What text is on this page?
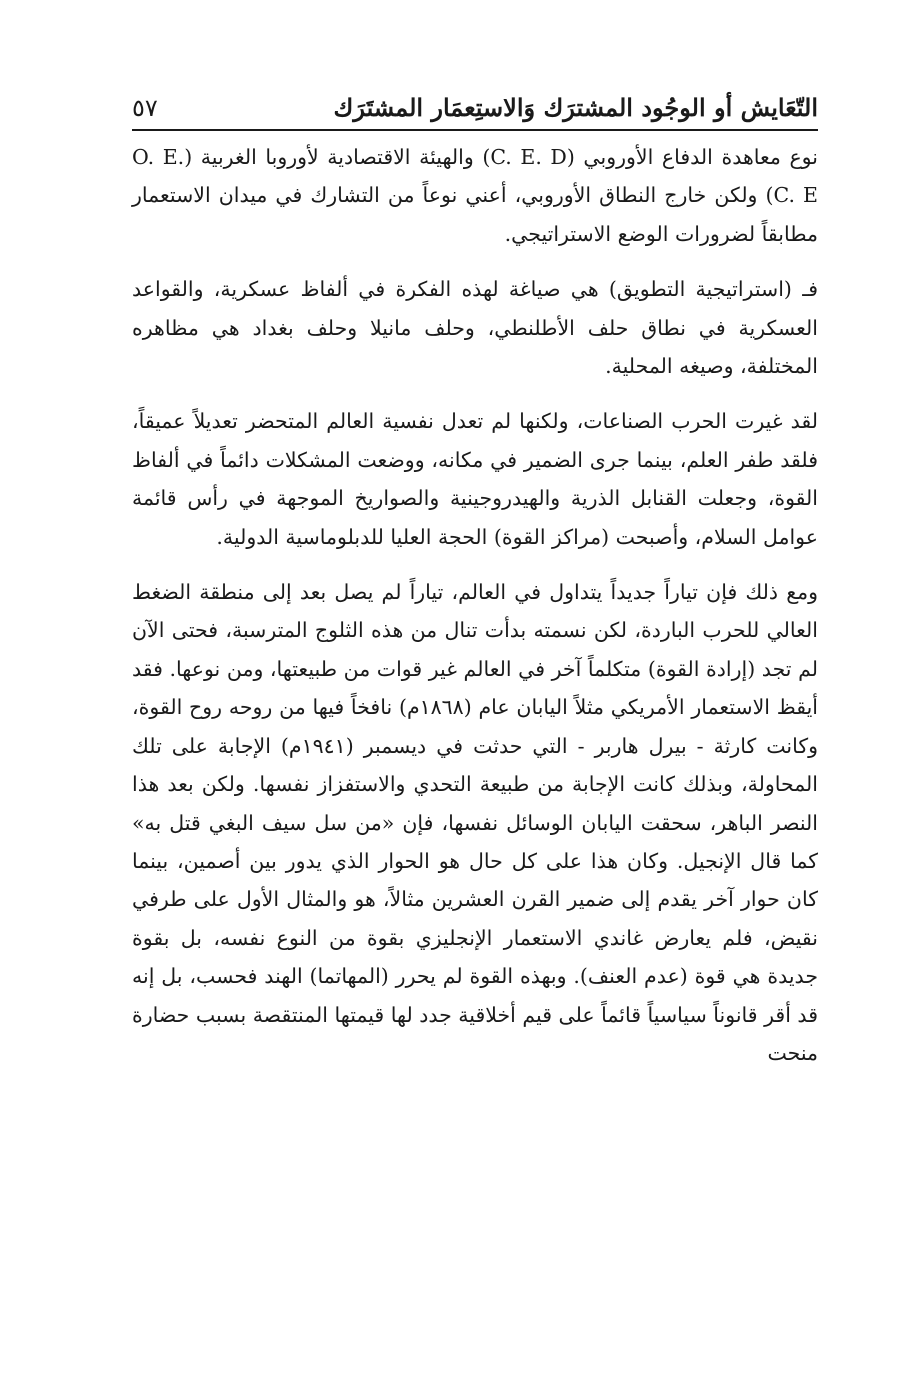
التّعَايش أو الوجُود المشترَك وَالاستِعمَار المشتَرَك
٥٧

نوع معاهدة الدفاع الأوروبي (C. E. D) والهيئة الاقتصادية لأوروبا الغربية (O. E. C. E) ولكن خارج النطاق الأوروبي، أعني نوعاً من التشارك في ميدان الاستعمار مطابقاً لضرورات الوضع الاستراتيجي.

فـ (استراتيجية التطويق) هي صياغة لهذه الفكرة في ألفاظ عسكرية، والقواعد العسكرية في نطاق حلف الأطلنطي، وحلف مانيلا وحلف بغداد هي مظاهره المختلفة، وصيغه المحلية.

لقد غيرت الحرب الصناعات، ولكنها لم تعدل نفسية العالم المتحضر تعديلاً عميقاً، فلقد طفر العلم، بينما جرى الضمير في مكانه، ووضعت المشكلات دائماً في ألفاظ القوة، وجعلت القنابل الذرية والهيدروجينية والصواريخ الموجهة في رأس قائمة عوامل السلام، وأصبحت (مراكز القوة) الحجة العليا للدبلوماسية الدولية.

ومع ذلك فإن تياراً جديداً يتداول في العالم، تياراً لم يصل بعد إلى منطقة الضغط العالي للحرب الباردة، لكن نسمته بدأت تنال من هذه الثلوج المترسبة، فحتى الآن لم تجد (إرادة القوة) متكلماً آخر في العالم غير قوات من طبيعتها، ومن نوعها. فقد أيقظ الاستعمار الأمريكي مثلاً اليابان عام (١٨٦٨م) نافخاً فيها من روحه روح القوة، وكانت كارثة - بيرل هاربر - التي حدثت في ديسمبر (١٩٤١م) الإجابة على تلك المحاولة، وبذلك كانت الإجابة من طبيعة التحدي والاستفزاز نفسها. ولكن بعد هذا النصر الباهر، سحقت اليابان الوسائل نفسها، فإن «من سل سيف البغي قتل به» كما قال الإنجيل. وكان هذا على كل حال هو الحوار الذي يدور بين أصمين، بينما كان حوار آخر يقدم إلى ضمير القرن العشرين مثالاً، هو والمثال الأول على طرفي نقيض، فلم يعارض غاندي الاستعمار الإنجليزي بقوة من النوع نفسه، بل بقوة جديدة هي قوة (عدم العنف). وبهذه القوة لم يحرر (المهاتما) الهند فحسب، بل إنه قد أقر قانوناً سياسياً قائماً على قيم أخلاقية جدد لها قيمتها المنتقصة بسبب حضارة منحت
